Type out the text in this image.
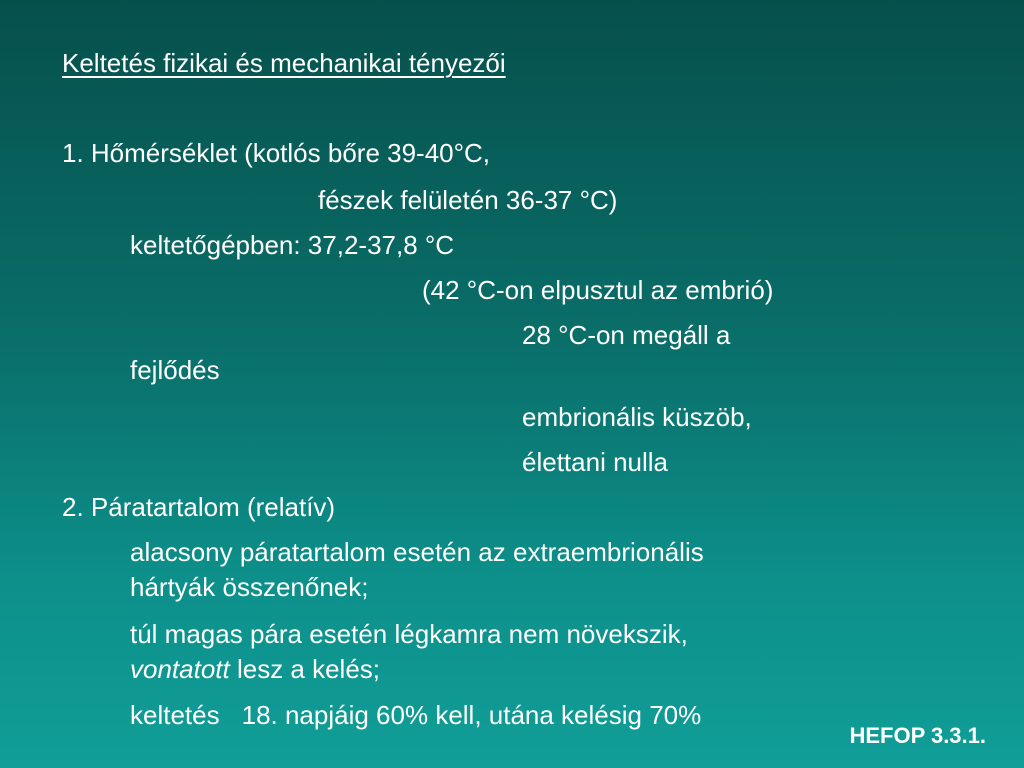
Keltetés fizikai és mechanikai tényezői
1. Hőmérséklet (kotlós bőre 39-40°C,
fészek felületén 36-37 °C)
keltetőgépben: 37,2-37,8 °C
(42 °C-on elpusztul az embrió)
28 °C-on megáll a
fejlődés
embrionális küszöb,
élettani nulla
2. Páratartalom (relatív)
alacsony páratartalom esetén az extraembrionális
hártyák összenőnek;
túl magas pára esetén légkamra nem növekszik,
vontatott lesz a kelés;
keltetés 18. napjáig 60% kell, utána kelésig 70%
HEFOP 3.3.1.
